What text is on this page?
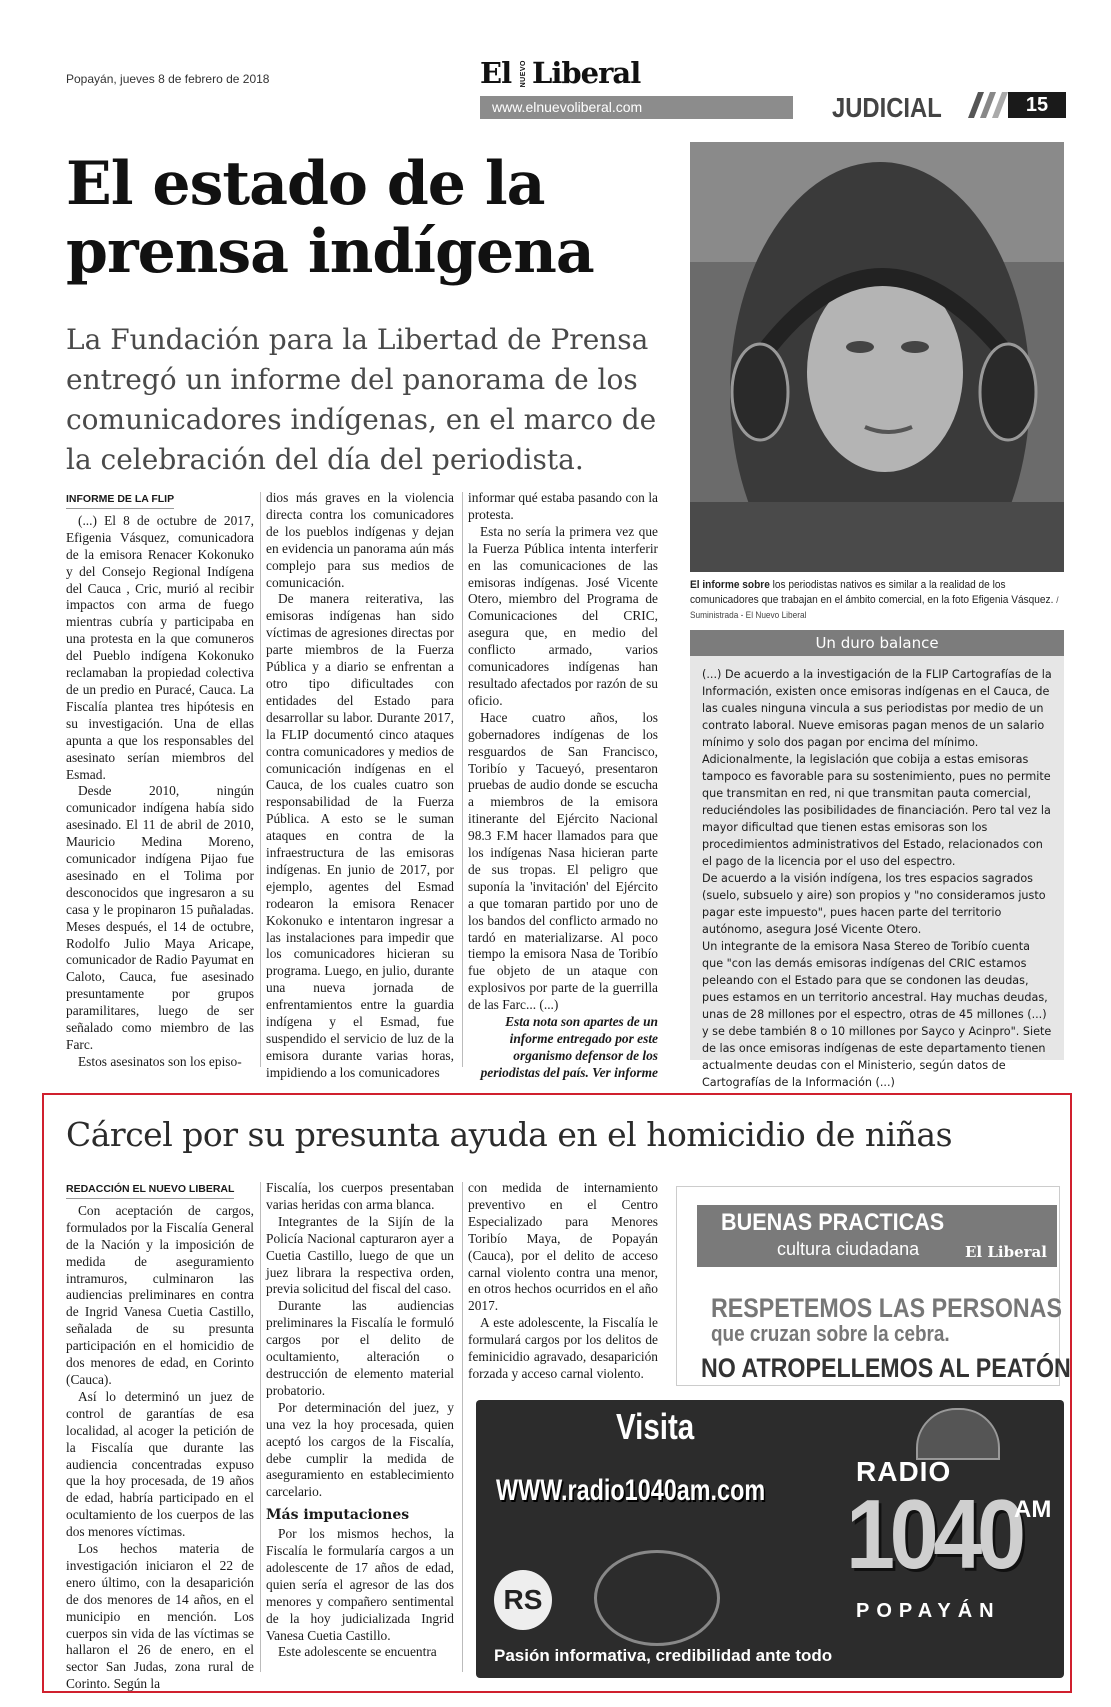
Popayán, jueves 8 de febrero de 2018	El NUEVO Liberal
www.elnuevoliberal.com	JUDICIAL	15
El estado de la prensa indígena
La Fundación para la Libertad de Prensa entregó un informe del panorama de los comunicadores indígenas, en el marco de la celebración del día del periodista.

INFORME DE LA FLIP

(...) El 8 de octubre de 2017, Efigenia Vásquez, comunicadora de la emisora Renacer Kokonuko y del Consejo Regional Indígena del Cauca , Cric, murió al recibir impactos con arma de fuego mientras cubría y participaba en una protesta en la que comuneros del Pueblo indígena Kokonuko reclamaban la propiedad colectiva de un predio en Puracé, Cauca. La Fiscalía plantea tres hipótesis en su investigación. Una de ellas apunta a que los responsables del asesinato serían miembros del Esmad.

Desde 2010, ningún comunicador indígena había sido asesinado. El 11 de abril de 2010, Mauricio Medina Moreno, comunicador indígena Pijao fue asesinado en el Tolima por desconocidos que ingresaron a su casa y le propinaron 15 puñaladas. Meses después, el 14 de octubre, Rodolfo Julio Maya Aricape, comunicador de Radio Payumat en Caloto, Cauca, fue asesinado presuntamente por grupos paramilitares, luego de ser señalado como miembro de las Farc.

Estos asesinatos son los episo-

dios más graves en la violencia directa contra los comunicadores de los pueblos indígenas y dejan en evidencia un panorama aún más complejo para sus medios de comunicación.

De manera reiterativa, las emisoras indígenas han sido víctimas de agresiones directas por parte miembros de la Fuerza Pública y a diario se enfrentan a otro tipo dificultades con entidades del Estado para desarrollar su labor. Durante 2017, la FLIP documentó cinco ataques contra comunicadores y medios de comunicación indígenas en el Cauca, de los cuales cuatro son responsabilidad de la Fuerza Pública. A esto se le suman ataques en contra de la infraestructura de las emisoras indígenas. En junio de 2017, por ejemplo, agentes del Esmad rodearon la emisora Renacer Kokonuko e intentaron ingresar a las instalaciones para impedir que los comunicadores hicieran su programa. Luego, en julio, durante una nueva jornada de enfrentamientos entre la guardia indígena y el Esmad, fue suspendido el servicio de luz de la emisora durante varias horas, impidiendo a los comunicadores

informar qué estaba pasando con la protesta.

Esta no sería la primera vez que la Fuerza Pública intenta interferir en las comunicaciones de las emisoras indígenas. José Vicente Otero, miembro del Programa de Comunicaciones del CRIC, asegura que, en medio del conflicto armado, varios comunicadores indígenas han resultado afectados por razón de su oficio.

Hace cuatro años, los gobernadores indígenas de los resguardos de San Francisco, Toribío y Tacueyó, presentaron pruebas de audio donde se escucha a miembros de la emisora itinerante del Ejército Nacional 98.3 F.M hacer llamados para que los indígenas Nasa hicieran parte de sus tropas. El peligro que suponía la 'invitación' del Ejército a que tomaran partido por uno de los bandos del conflicto armado no tardó en materializarse. Al poco tiempo la emisora Nasa de Toribío fue objeto de un ataque con explosivos por parte de la guerrilla de las Farc... (...)

Esta nota son apartes de un informe entregado por este organismo defensor de los periodistas del país. Ver informe

El informe sobre los periodistas nativos es similar a la realidad de los comunicadores que trabajan en el ámbito comercial, en la foto Efigenia Vásquez. / Suministrada - El Nuevo Liberal
Un duro balance

(...) De acuerdo a la investigación de la FLIP Cartografías de la Información, existen once emisoras indígenas en el Cauca, de las cuales ninguna vincula a sus periodistas por medio de un contrato laboral. Nueve emisoras pagan menos de un salario mínimo y solo dos pagan por encima del mínimo. Adicionalmente, la legislación que cobija a estas emisoras tampoco es favorable para su sostenimiento, pues no permite que transmitan en red, ni que transmitan pauta comercial, reduciéndoles las posibilidades de financiación. Pero tal vez la mayor dificultad que tienen estas emisoras son los procedimientos administrativos del Estado, relacionados con el pago de la licencia por el uso del espectro.

De acuerdo a la visión indígena, los tres espacios sagrados (suelo, subsuelo y aire) son propios y "no consideramos justo pagar este impuesto", pues hacen parte del territorio autónomo, asegura José Vicente Otero.

Un integrante de la emisora Nasa Stereo de Toribío cuenta que "con las demás emisoras indígenas del CRIC estamos peleando con el Estado para que se condonen las deudas, pues estamos en un territorio ancestral. Hay muchas deudas, unas de 28 millones por el espectro, otras de 45 millones (...) y se debe también 8 o 10 millones por Sayco y Acinpro". Siete de las once emisoras indígenas de este departamento tienen actualmente deudas con el Ministerio, según datos de Cartografías de la Información (...)

Cárcel por su presunta ayuda en el homicidio de niñas

REDACCIÓN EL NUEVO LIBERAL

Con aceptación de cargos, formulados por la Fiscalía General de la Nación y la imposición de medida de aseguramiento intramuros, culminaron las audiencias preliminares en contra de Ingrid Vanesa Cuetia Castillo, señalada de su presunta participación en el homicidio de dos menores de edad, en Corinto (Cauca).

Así lo determinó un juez de control de garantías de esa localidad, al acoger la petición de la Fiscalía que durante las audiencia concentradas expuso que la hoy procesada, de 19 años de edad, habría participado en el ocultamiento de los cuerpos de las dos menores víctimas.

Los hechos materia de investigación iniciaron el 22 de enero último, con la desaparición de dos menores de 14 años, en el municipio en mención. Los cuerpos sin vida de las víctimas se hallaron el 26 de enero, en el sector San Judas, zona rural de Corinto. Según la

Fiscalía, los cuerpos presentaban varias heridas con arma blanca.

Integrantes de la Sijín de la Policía Nacional capturaron ayer a Cuetia Castillo, luego de que un juez librara la respectiva orden, previa solicitud del fiscal del caso.

Durante las audiencias preliminares la Fiscalía le formuló cargos por el delito de ocultamiento, alteración o destrucción de elemento material probatorio.

Por determinación del juez, y una vez la hoy procesada, quien aceptó los cargos de la Fiscalía, debe cumplir la medida de aseguramiento en establecimiento carcelario.

Más imputaciones

Por los mismos hechos, la Fiscalía le formularía cargos a un adolescente de 17 años de edad, quien sería el agresor de las dos menores y compañero sentimental de la hoy judicializada Ingrid Vanesa Cuetia Castillo.

Este adolescente se encuentra

con medida de internamiento preventivo en el Centro Especializado para Menores Toribío Maya, de Popayán (Cauca), por el delito de acceso carnal violento contra una menor, en otros hechos ocurridos en el año 2017.

A este adolescente, la Fiscalía le formulará cargos por los delitos de feminicidio agravado, desaparición forzada y acceso carnal violento.

BUENAS PRACTICAS
cultura ciudadana	El Liberal
RESPETEMOS LAS PERSONAS
que cruzan sobre la cebra.
NO ATROPELLEMOS AL PEATÓN
Visita
WWW.radio1040am.com
RADIO
1040
AM
POPAYÁN
RS
Pasión informativa, credibilidad ante todo
